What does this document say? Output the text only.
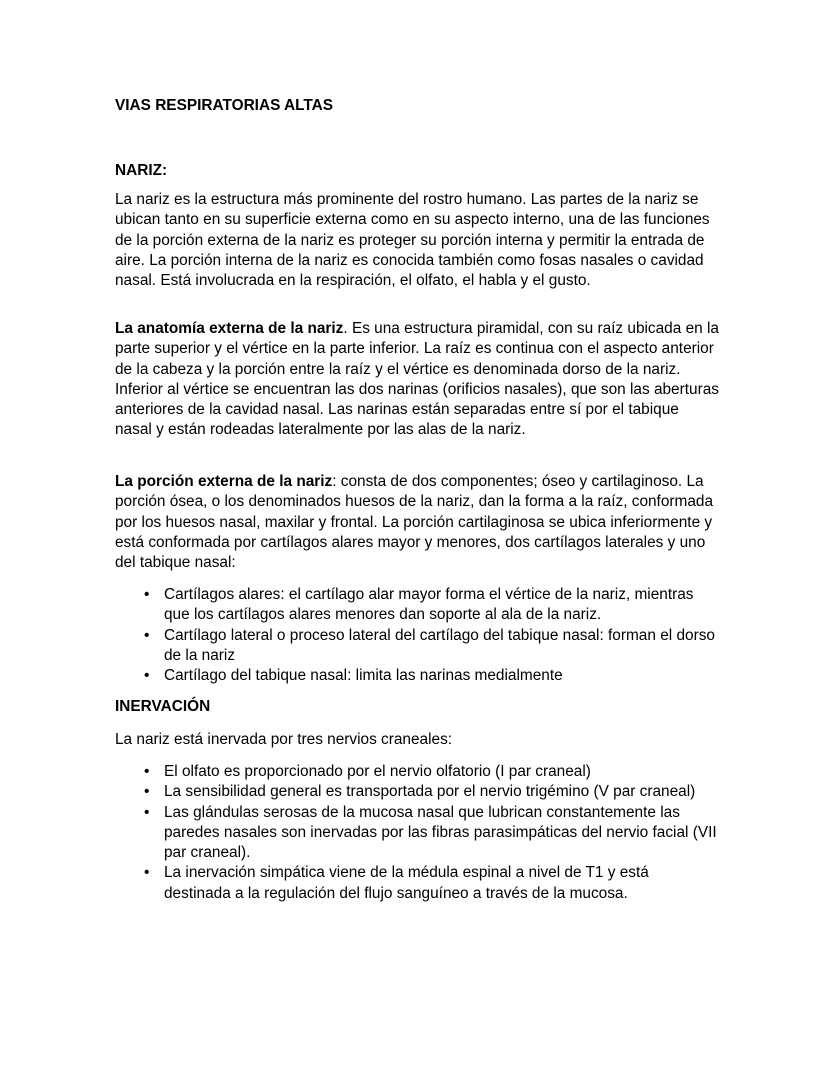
VIAS RESPIRATORIAS ALTAS
NARIZ:

La nariz es la estructura más prominente del rostro humano. Las partes de la nariz se ubican tanto en su superficie externa como en su aspecto interno, una de las funciones de la porción externa de la nariz es proteger su porción interna y permitir la entrada de aire. La porción interna de la nariz es conocida también como fosas nasales o cavidad nasal. Está involucrada en la respiración, el olfato, el habla y el gusto.

La anatomía externa de la nariz. Es una estructura piramidal, con su raíz ubicada en la parte superior y el vértice en la parte inferior. La raíz es continua con el aspecto anterior de la cabeza y la porción entre la raíz y el vértice es denominada dorso de la nariz. Inferior al vértice se encuentran las dos narinas (orificios nasales), que son las aberturas anteriores de la cavidad nasal. Las narinas están separadas entre sí por el tabique nasal y están rodeadas lateralmente por las alas de la nariz.

La porción externa de la nariz: consta de dos componentes; óseo y cartilaginoso. La porción ósea, o los denominados huesos de la nariz, dan la forma a la raíz, conformada por los huesos nasal, maxilar y frontal. La porción cartilaginosa se ubica inferiormente y está conformada por cartílagos alares mayor y menores, dos cartílagos laterales y uno del tabique nasal:

• Cartílagos alares: el cartílago alar mayor forma el vértice de la nariz, mientras que los cartílagos alares menores dan soporte al ala de la nariz.
• Cartílago lateral o proceso lateral del cartílago del tabique nasal: forman el dorso de la nariz
• Cartílago del tabique nasal: limita las narinas medialmente
INERVACIÓN

La nariz está inervada por tres nervios craneales:

• El olfato es proporcionado por el nervio olfatorio (I par craneal)
• La sensibilidad general es transportada por el nervio trigémino (V par craneal)
• Las glándulas serosas de la mucosa nasal que lubrican constantemente las paredes nasales son inervadas por las fibras parasimpáticas del nervio facial (VII par craneal).
• La inervación simpática viene de la médula espinal a nivel de T1 y está destinada a la regulación del flujo sanguíneo a través de la mucosa.
